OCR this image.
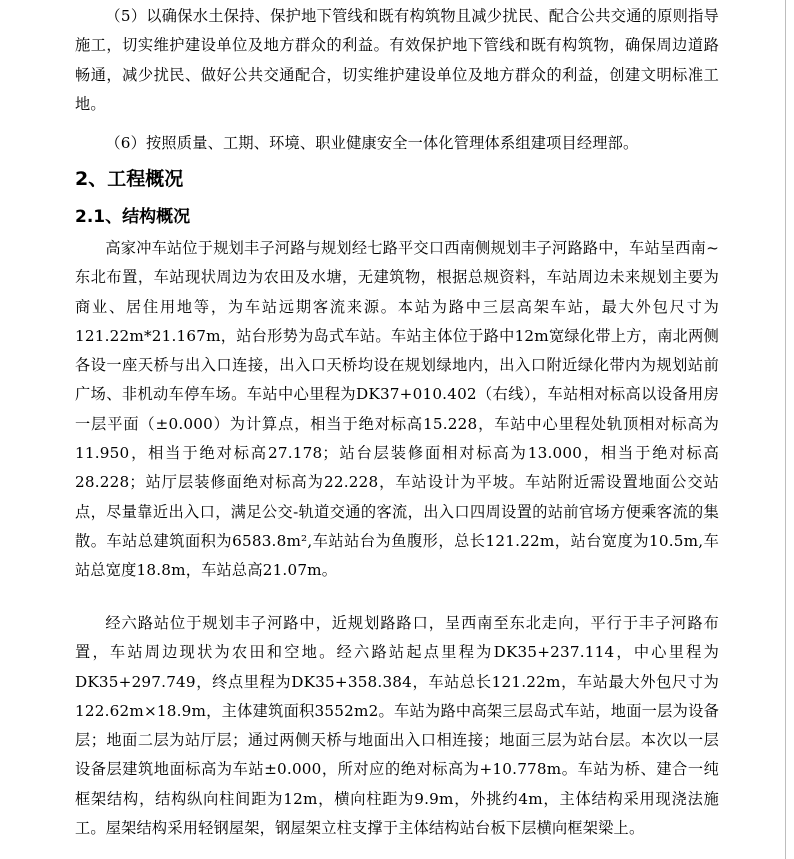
（5）以确保水土保持、保护地下管线和既有构筑物且减少扰民、配合公共交通的原则指导施工，切实维护建设单位及地方群众的利益。有效保护地下管线和既有构筑物，确保周边道路畅通，减少扰民、做好公共交通配合，切实维护建设单位及地方群众的利益，创建文明标准工地。
（6）按照质量、工期、环境、职业健康安全一体化管理体系组建项目经理部。
2、工程概况
2.1、结构概况
高家冲车站位于规划丰子河路与规划经七路平交口西南侧规划丰子河路路中，车站呈西南~东北布置，车站现状周边为农田及水塘，无建筑物，根据总规资料，车站周边未来规划主要为商业、居住用地等，为车站远期客流来源。本站为路中三层高架车站，最大外包尺寸为121.22m*21.167m，站台形势为岛式车站。车站主体位于路中12m宽绿化带上方，南北两侧各设一座天桥与出入口连接，出入口天桥均设在规划绿地内，出入口附近绿化带内为规划站前广场、非机动车停车场。车站中心里程为DK37+010.402（右线），车站相对标高以设备用房一层平面（±0.000）为计算点，相当于绝对标高15.228，车站中心里程处轨顶相对标高为11.950，相当于绝对标高27.178；站台层装修面相对标高为13.000，相当于绝对标高28.228；站厅层装修面绝对标高为22.228，车站设计为平坡。车站附近需设置地面公交站点，尽量靠近出入口，满足公交-轨道交通的客流，出入口四周设置的站前官场方便乘客流的集散。车站总建筑面积为6583.8m²,车站站台为鱼腹形，总长121.22m，站台宽度为10.5m,车站总宽度18.8m，车站总高21.07m。
经六路站位于规划丰子河路中，近规划路路口，呈西南至东北走向，平行于丰子河路布置，车站周边现状为农田和空地。经六路站起点里程为DK35+237.114，中心里程为DK35+297.749，终点里程为DK35+358.384，车站总长121.22m，车站最大外包尺寸为122.62m×18.9m，主体建筑面积3552m2。车站为路中高架三层岛式车站，地面一层为设备层；地面二层为站厅层；通过两侧天桥与地面出入口相连接；地面三层为站台层。本次以一层设备层建筑地面标高为车站±0.000，所对应的绝对标高为+10.778m。车站为桥、建合一纯框架结构，结构纵向柱间距为12m，横向柱距为9.9m，外挑约4m，主体结构采用现浇法施工。屋架结构采用轻钢屋架，钢屋架立柱支撑于主体结构站台板下层横向框架梁上。
